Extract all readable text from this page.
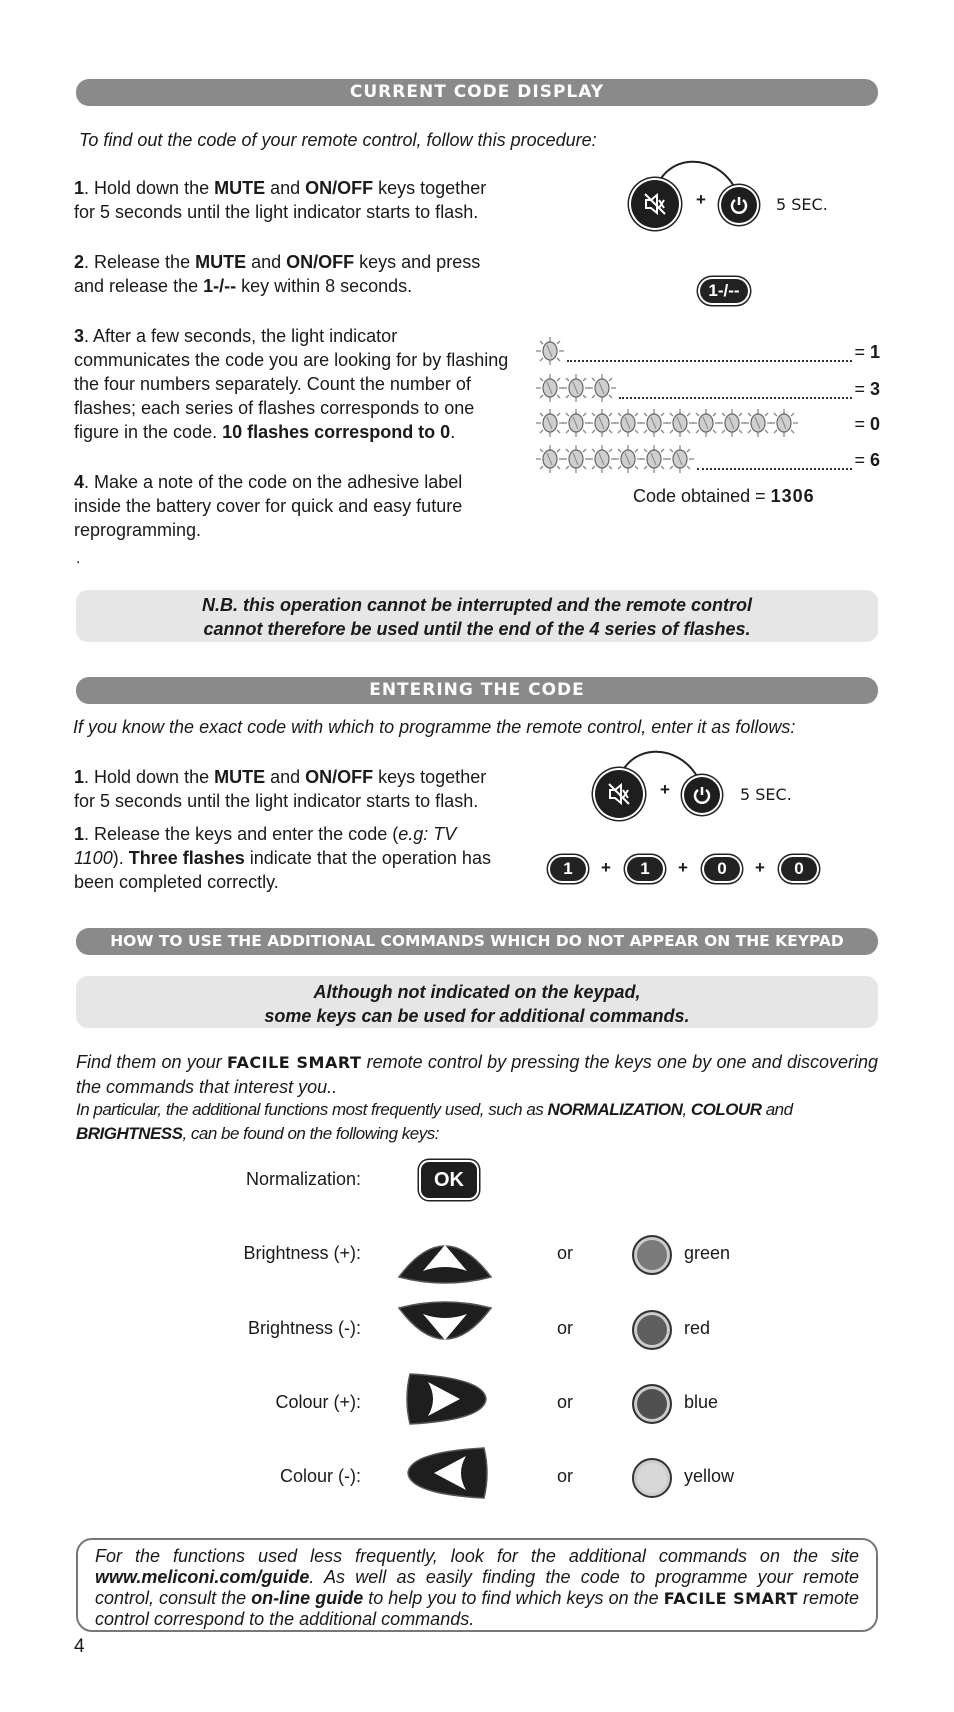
CURRENT CODE DISPLAY
To find out the code of your remote control, follow this procedure:
1. Hold down the MUTE and ON/OFF keys together for 5 seconds until the light indicator starts to flash.
2. Release the MUTE and ON/OFF keys and press and release the 1-/-- key within 8 seconds.
3. After a few seconds, the light indicator communicates the code you are looking for by flashing the four numbers separately. Count the number of flashes; each series of flashes corresponds to one figure in the code. 10 flashes correspond to 0.
4. Make a note of the code on the adhesive label inside the battery cover for quick and easy future reprogramming.
+	5 SEC.
1-/--
= 1
= 3
= 0
= 6
Code obtained = 1306
.
N.B. this operation cannot be interrupted and the remote control
cannot therefore be used until the end of the 4 series of flashes.
ENTERING THE CODE
If you know the exact code with which to programme the remote control, enter it as follows:
1. Hold down the MUTE and ON/OFF keys together for 5 seconds until the light indicator starts to flash.
1. Release the keys and enter the code (e.g: TV 1100). Three flashes indicate that the operation has been completed correctly.
+	5 SEC.
1	+	1	+	0	+	0
HOW TO USE THE ADDITIONAL COMMANDS WHICH DO NOT APPEAR ON THE KEYPAD
Although not indicated on the keypad,
some keys can be used for additional commands.
Find them on your FACILE SMART remote control by pressing the keys one by one and discovering the commands that interest you..
In particular, the additional functions most frequently used, such as NORMALIZATION, COLOUR and BRIGHTNESS, can be found on the following keys:
Normalization:	OK
Brightness (+):	or	green
Brightness (-):	or	red
Colour (+):	or	blue
Colour (-):	or	yellow
For the functions used less frequently, look for the additional commands on the site www.meliconi.com/guide. As well as easily finding the code to programme your remote control, consult the on-line guide to help you to find which keys on the FACILE SMART remote control correspond to the additional commands.
4
